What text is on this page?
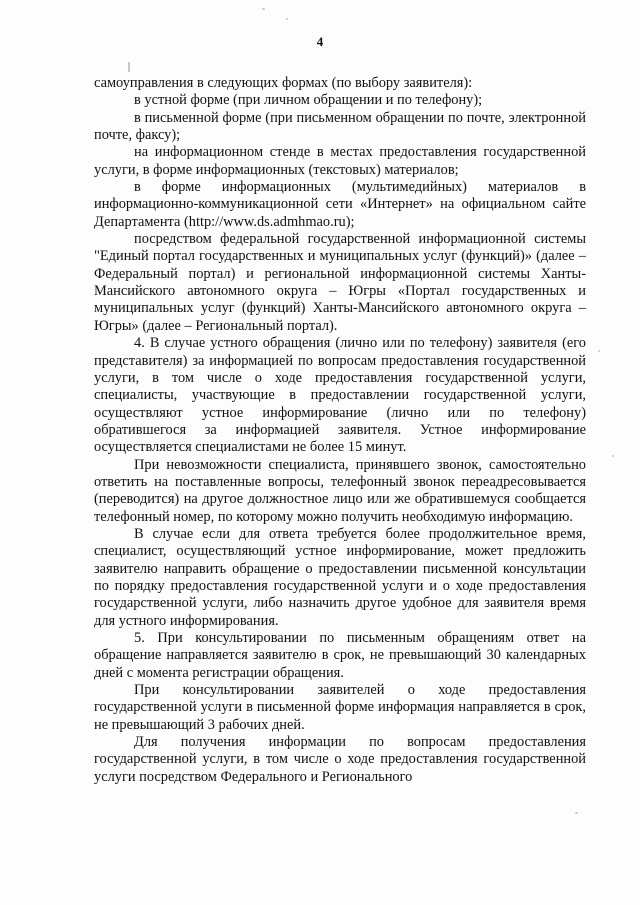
4

самоуправления в следующих формах (по выбору заявителя):

в устной форме (при личном обращении и по телефону);

в письменной форме (при письменном обращении по почте, электронной почте, факсу);

на информационном стенде в местах предоставления государственной услуги, в форме информационных (текстовых) материалов;

в форме информационных (мультимедийных) материалов в информационно-коммуникационной сети «Интернет» на официальном сайте Департамента (http://www.ds.admhmao.ru);

посредством федеральной государственной информационной системы "Единый портал государственных и муниципальных услуг (функций)» (далее – Федеральный портал) и региональной информационной системы Ханты-Мансийского автономного округа – Югры «Портал государственных и муниципальных услуг (функций) Ханты-Мансийского автономного округа – Югры» (далее – Региональный портал).

4. В случае устного обращения (лично или по телефону) заявителя (его представителя) за информацией по вопросам предоставления государственной услуги, в том числе о ходе предоставления государственной услуги, специалисты, участвующие в предоставлении государственной услуги, осуществляют устное информирование (лично или по телефону) обратившегося за информацией заявителя. Устное информирование осуществляется специалистами не более 15 минут.

При невозможности специалиста, принявшего звонок, самостоятельно ответить на поставленные вопросы, телефонный звонок переадресовывается (переводится) на другое должностное лицо или же обратившемуся сообщается телефонный номер, по которому можно получить необходимую информацию.

В случае если для ответа требуется более продолжительное время, специалист, осуществляющий устное информирование, может предложить заявителю направить обращение о предоставлении письменной консультации по порядку предоставления государственной услуги и о ходе предоставления государственной услуги, либо назначить другое удобное для заявителя время для устного информирования.

5. При консультировании по письменным обращениям ответ на обращение направляется заявителю в срок, не превышающий 30 календарных дней с момента регистрации обращения.

При консультировании заявителей о ходе предоставления государственной услуги в письменной форме информация направляется в срок, не превышающий 3 рабочих дней.

Для получения информации по вопросам предоставления государственной услуги, в том числе о ходе предоставления государственной услуги посредством Федерального и Регионального
